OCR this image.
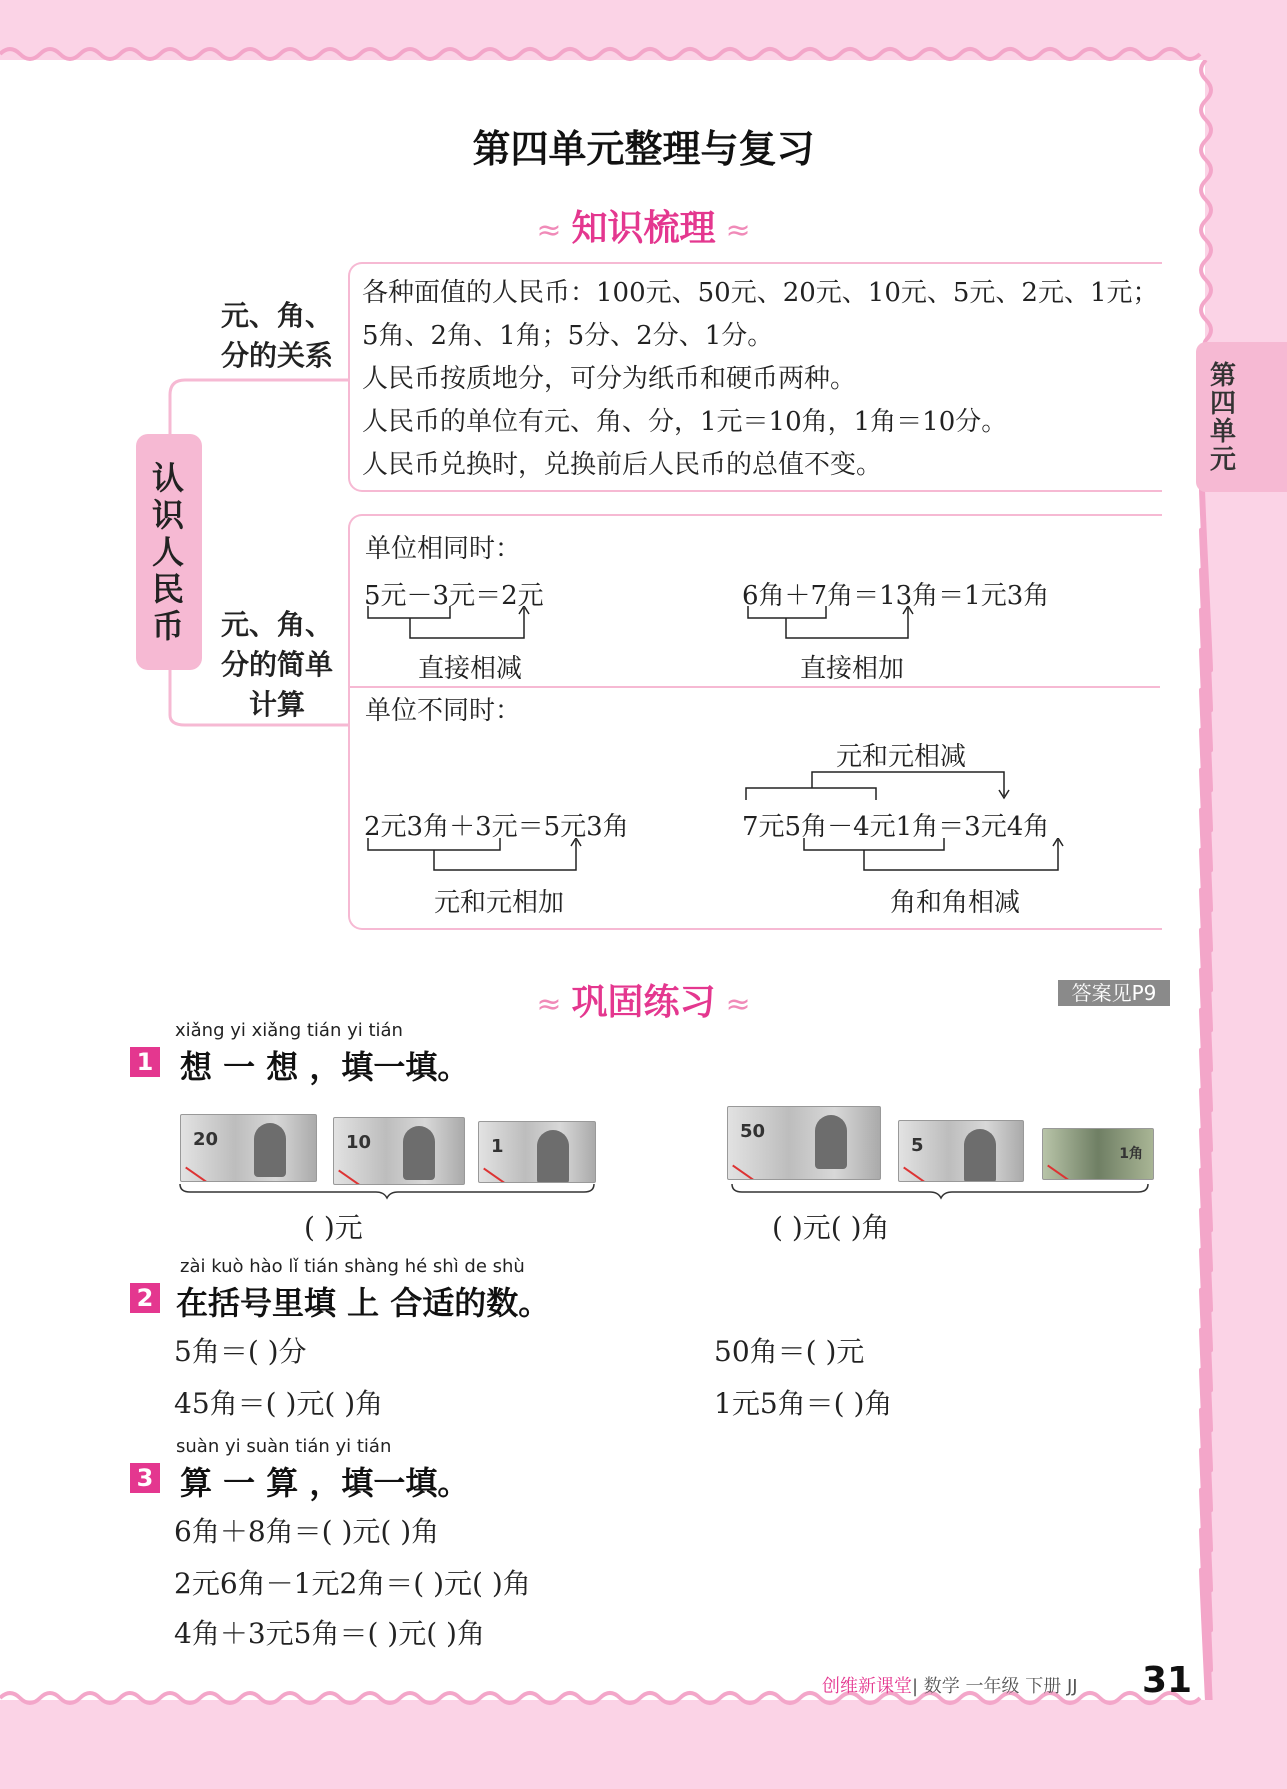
第四单元
第四单元整理与复习
≈ 知识梳理 ≈
认识人民币
元、角、分的关系
元、角、分的简单计算
各种面值的人民币：100元、50元、20元、10元、5元、2元、1元；
5角、2角、1角；5分、2分、1分。
人民币按质地分，可分为纸币和硬币两种。
人民币的单位有元、角、分，1元＝10角，1角＝10分。
人民币兑换时，兑换前后人民币的总值不变。
单位相同时：
5元－3元＝2元	6角＋7角＝13角＝1元3角
直接相减	直接相加
单位不同时：
元和元相减
2元3角＋3元＝5元3角	7元5角－4元1角＝3元4角
元和元相加	角和角相减
≈ 巩固练习 ≈	答案见P9
xiǎng yi xiǎng tián yi tián
1 想 一 想 ，填一填。
20	10	1
( )元
50
5	1角
( )元( )角
zài kuò hào lǐ tián shàng hé shì de shù
2 在括号里填 上 合适的数。
5角＝( )分	50角＝( )元
45角＝( )元( )角	1元5角＝( )角
suàn yi suàn tián yi tián
3 算 一 算 ，填一填。
6角＋8角＝( )元( )角
2元6角－1元2角＝( )元( )角
4角＋3元5角＝( )元( )角
创维新课堂| 数学 一年级 下册 JJ 31
